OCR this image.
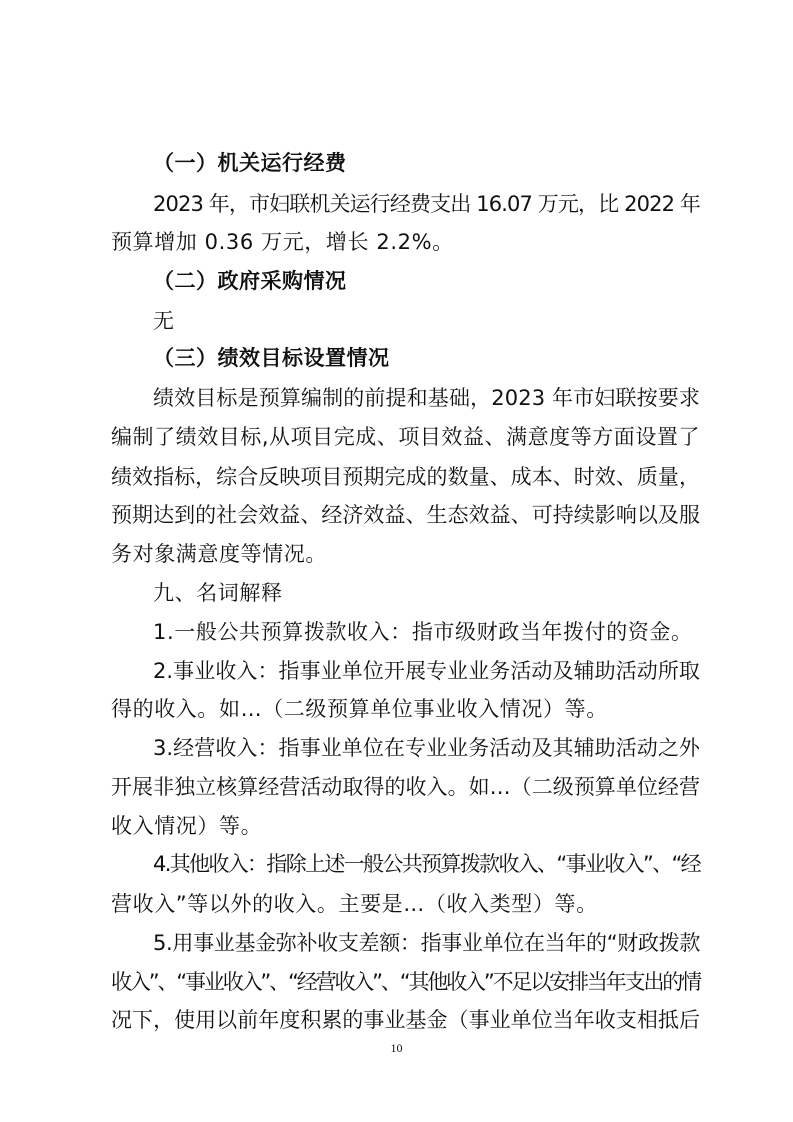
（一）机关运行经费
2023 年，市妇联机关运行经费支出 16.07 万元，比 2022 年
预算增加 0.36 万元，增长 2.2%。
（二）政府采购情况
无
（三）绩效目标设置情况
绩效目标是预算编制的前提和基础，2023 年市妇联按要求
编制了绩效目标,从项目完成、项目效益、满意度等方面设置了
绩效指标，综合反映项目预期完成的数量、成本、时效、质量，
预期达到的社会效益、经济效益、生态效益、可持续影响以及服
务对象满意度等情况。
九、名词解释
1.一般公共预算拨款收入：指市级财政当年拨付的资金。
2.事业收入：指事业单位开展专业业务活动及辅助活动所取
得的收入。如…（二级预算单位事业收入情况）等。
3.经营收入：指事业单位在专业业务活动及其辅助活动之外
开展非独立核算经营活动取得的收入。如…（二级预算单位经营
收入情况）等。
4.其他收入：指除上述一般公共预算拨款收入、“事业收入”、“经
营收入”等以外的收入。主要是…（收入类型）等。
5.用事业基金弥补收支差额：指事业单位在当年的“财政拨款
收入”、“事业收入”、“经营收入”、“其他收入”不足以安排当年支出的情
况下，使用以前年度积累的事业基金（事业单位当年收支相抵后
10
